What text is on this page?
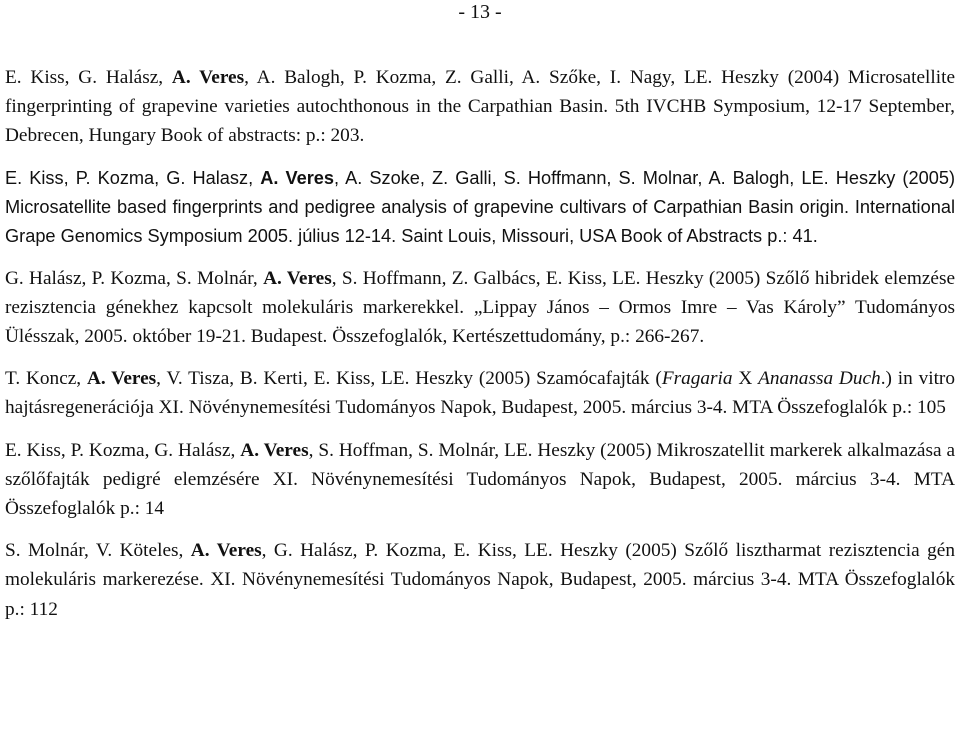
- 13 -

E. Kiss, G. Halász, A. Veres, A. Balogh, P. Kozma, Z. Galli, A. Szőke, I. Nagy, LE. Heszky (2004) Microsatellite fingerprinting of grapevine varieties autochthonous in the Carpathian Basin. 5th IVCHB Symposium, 12-17 September, Debrecen, Hungary Book of abstracts: p.: 203.

E. Kiss, P. Kozma, G. Halasz, A. Veres, A. Szoke, Z. Galli, S. Hoffmann, S. Molnar, A. Balogh, LE. Heszky (2005) Microsatellite based fingerprints and pedigree analysis of grapevine cultivars of Carpathian Basin origin. International Grape Genomics Symposium 2005. július 12-14. Saint Louis, Missouri, USA Book of Abstracts p.: 41.

G. Halász, P. Kozma, S. Molnár, A. Veres, S. Hoffmann, Z. Galbács, E. Kiss, LE. Heszky (2005) Szőlő hibridek elemzése rezisztencia génekhez kapcsolt molekuláris markerekkel. „Lippay János – Ormos Imre – Vas Károly” Tudományos Ülésszak, 2005. október 19-21. Budapest. Összefoglalók, Kertészettudomány, p.: 266-267.

T. Koncz, A. Veres, V. Tisza, B. Kerti, E. Kiss, LE. Heszky (2005) Szamócafajták (Fragaria X Ananassa Duch.) in vitro hajtásregenerációja XI. Növénynemesítési Tudományos Napok, Budapest, 2005. március 3-4. MTA Összefoglalók p.: 105

E. Kiss, P. Kozma, G. Halász, A. Veres, S. Hoffman, S. Molnár, LE. Heszky (2005) Mikroszatellit markerek alkalmazása a szőlőfajták pedigré elemzésére XI. Növénynemesítési Tudományos Napok, Budapest, 2005. március 3-4. MTA Összefoglalók p.: 14

S. Molnár, V. Köteles, A. Veres, G. Halász, P. Kozma, E. Kiss, LE. Heszky (2005) Szőlő lisztharmat rezisztencia gén molekuláris markerezése. XI. Növénynemesítési Tudományos Napok, Budapest, 2005. március 3-4. MTA Összefoglalók p.: 112
